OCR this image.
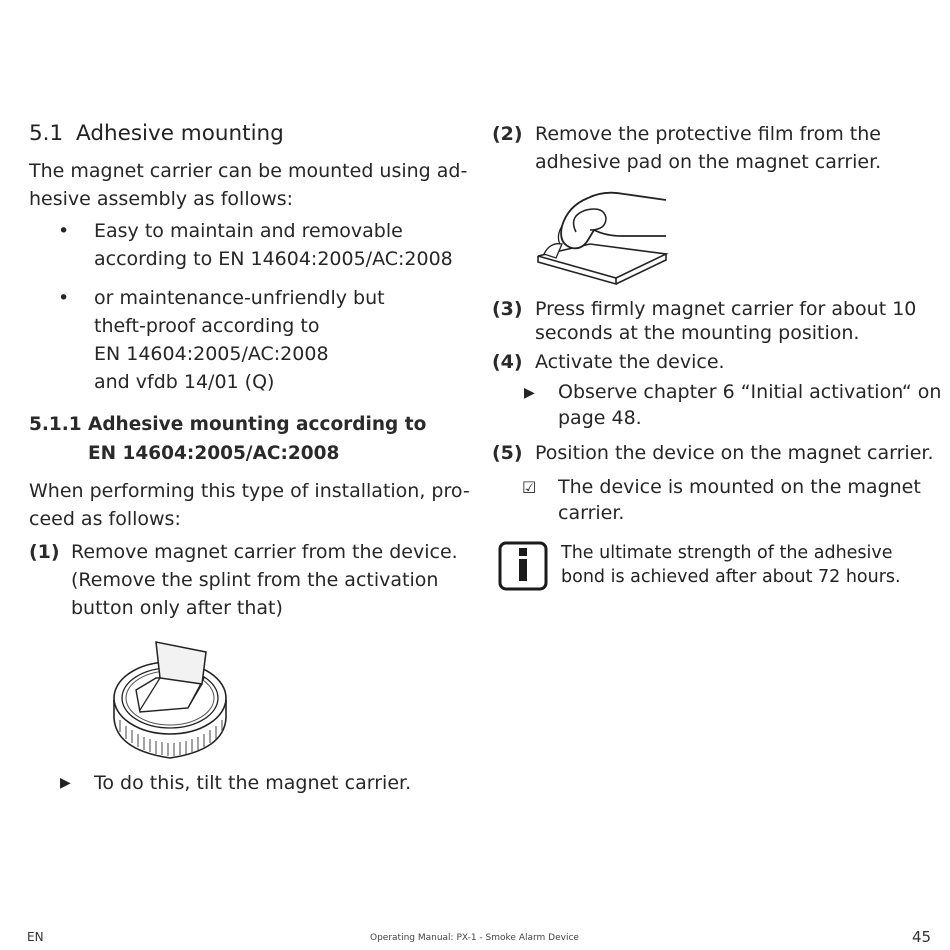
5.1 Adhesive mounting
The magnet carrier can be mounted using ad-
hesive assembly as follows:
• Easy to maintain and removable
according to EN 14604:2005/AC:2008
• or maintenance-unfriendly but
theft-proof according to
EN 14604:2005/AC:2008
and vfdb 14/01 (Q)
5.1.1 Adhesive mounting according to
EN 14604:2005/AC:2008
When performing this type of installation, pro-
ceed as follows:
(1) Remove magnet carrier from the device.
(Remove the splint from the activation
button only after that)
▶ To do this, tilt the magnet carrier.
(2) Remove the protective film from the
adhesive pad on the magnet carrier.
(3) Press firmly magnet carrier for about 10
seconds at the mounting position.
(4) Activate the device.
▶ Observe chapter 6 “Initial activation“ on
page 48.
(5) Position the device on the magnet carrier.
☑ The device is mounted on the magnet
carrier.
The ultimate strength of the adhesive
bond is achieved after about 72 hours.
EN	Operating Manual: PX-1 - Smoke Alarm Device	45
